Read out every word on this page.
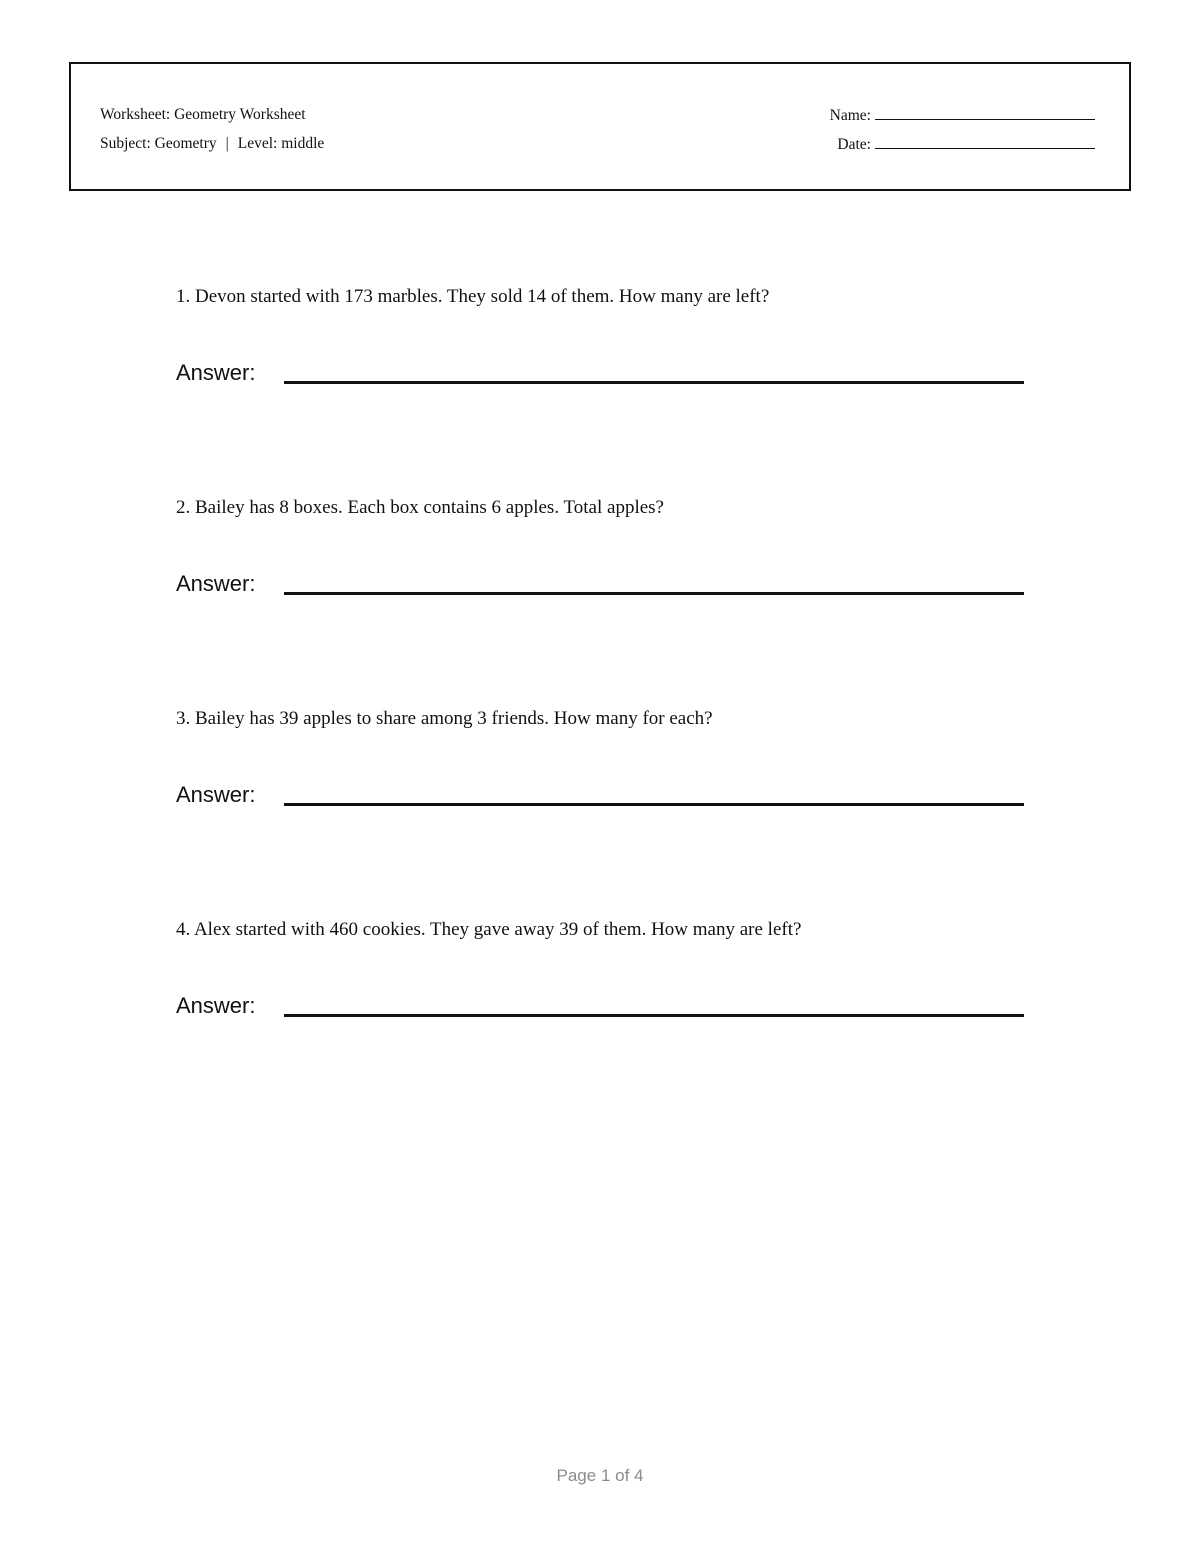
Worksheet: Geometry Worksheet
Subject: Geometry | Level: middle
Name:
Date:
1. Devon started with 173 marbles. They sold 14 of them. How many are left?
Answer:
2. Bailey has 8 boxes. Each box contains 6 apples. Total apples?
Answer:
3. Bailey has 39 apples to share among 3 friends. How many for each?
Answer:
4. Alex started with 460 cookies. They gave away 39 of them. How many are left?
Answer:
Page 1 of 4
